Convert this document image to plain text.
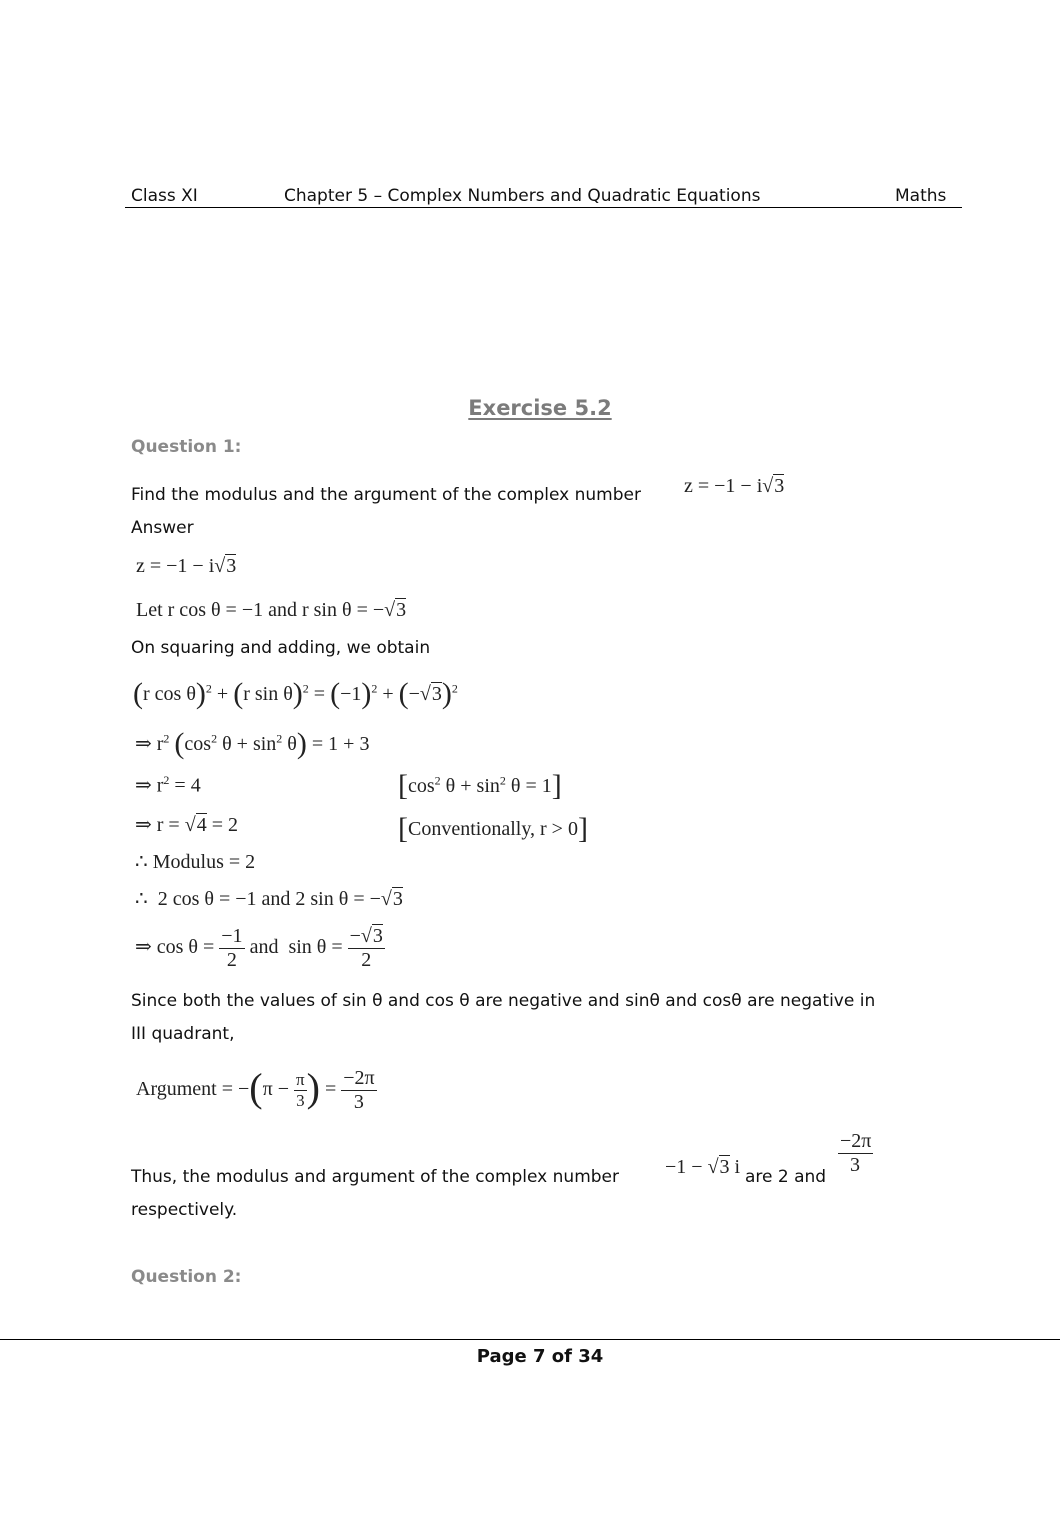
Class XI	Chapter 5 – Complex Numbers and Quadratic Equations	Maths
Exercise 5.2
Question 1:
Find the modulus and the argument of the complex number z = −1 − i√3
Answer
z = −1 − i√3
Let r cos θ = −1 and r sin θ = −√3
On squaring and adding, we obtain
(r cos θ)$^2$ + (r $\sin \theta)^2 = (-1)^2 + (-√3)^2$
⇒ $r^2$ ($\cos^2$ $\theta + \sin^2 \theta) = 1 + 3$
⇒ $r^2 = 4$	[$\cos^2$ $\theta + \sin^2 \theta = 1$]
⇒ r = √4 = 2	[Conventionally, r > 0]
∴ Modulus = 2
∴  2 cos θ = −1 and 2 sin θ = −√3
⇒ $\cos \theta = \frac{-1}{2}$ and  $\sin \theta = \frac{-√3}{2}$
Since both the values of sin θ and cos θ are negative and sinθ and cosθ are negative in
III quadrant,
Argument = $-(\pi - \frac{\pi}{3}$ ) = $\frac{-2\pi}{3}$
Thus, the modulus and argument of the complex number −1 − √3 i are 2 and
$\frac{-2\pi}{3}$
respectively.
Question 2:
Page 7 of 34
